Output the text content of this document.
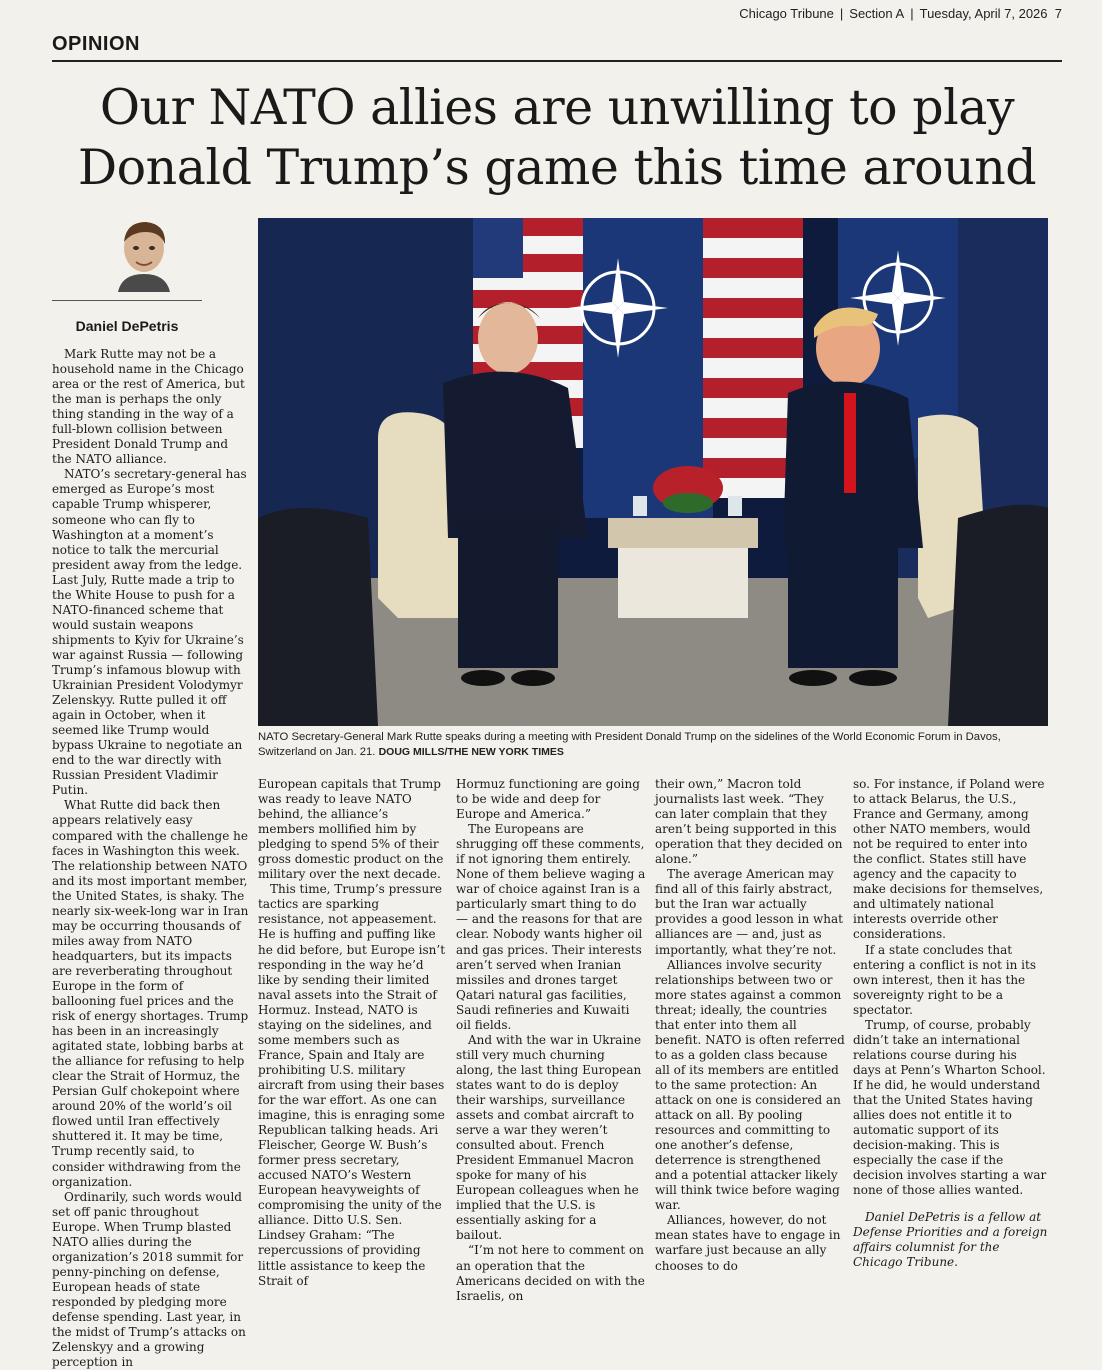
Chicago Tribune | Section A | Tuesday, April 7, 2026 7
OPINION
Our NATO allies are unwilling to play
Donald Trump’s game this time around
Daniel DePetris
NATO Secretary-General Mark Rutte speaks during a meeting with President Donald Trump on the sidelines of the World Economic Forum in Davos, Switzerland on Jan. 21. DOUG MILLS/THE NEW YORK TIMES

Mark Rutte may not be a household name in the Chicago area or the rest of America, but the man is perhaps the only thing standing in the way of a full-blown collision between President Donald Trump and the NATO alliance.

NATO’s secretary-general has emerged as Europe’s most capable Trump whisperer, someone who can fly to Washington at a moment’s notice to talk the mercurial president away from the ledge. Last July, Rutte made a trip to the White House to push for a NATO-financed scheme that would sustain weapons shipments to Kyiv for Ukraine’s war against Russia — following Trump’s infamous blowup with Ukrainian President Volodymyr Zelenskyy. Rutte pulled it off again in October, when it seemed like Trump would bypass Ukraine to negotiate an end to the war directly with Russian President Vladimir Putin.

What Rutte did back then appears relatively easy compared with the challenge he faces in Washington this week. The relationship between NATO and its most important member, the United States, is shaky. The nearly six-week-long war in Iran may be occurring thousands of miles away from NATO headquarters, but its impacts are reverberating throughout Europe in the form of ballooning fuel prices and the risk of energy shortages. Trump has been in an increasingly agitated state, lobbing barbs at the alliance for refusing to help clear the Strait of Hormuz, the Persian Gulf chokepoint where around 20% of the world’s oil flowed until Iran effectively shuttered it. It may be time, Trump recently said, to consider withdrawing from the organization.

Ordinarily, such words would set off panic throughout Europe. When Trump blasted NATO allies during the organization’s 2018 summit for penny-pinching on defense, European heads of state responded by pledging more defense spending. Last year, in the midst of Trump’s attacks on Zelenskyy and a growing perception in

European capitals that Trump was ready to leave NATO behind, the alliance’s members mollified him by pledging to spend 5% of their gross domestic product on the military over the next decade.

This time, Trump’s pressure tactics are sparking resistance, not appeasement. He is huffing and puffing like he did before, but Europe isn’t responding in the way he’d like by sending their limited naval assets into the Strait of Hormuz. Instead, NATO is staying on the sidelines, and some members such as France, Spain and Italy are prohibiting U.S. military aircraft from using their bases for the war effort. As one can imagine, this is enraging some Republican talking heads. Ari Fleischer, George W. Bush’s former press secretary, accused NATO’s Western European heavyweights of compromising the unity of the alliance. Ditto U.S. Sen. Lindsey Graham: “The repercussions of providing little assistance to keep the Strait of

Hormuz functioning are going to be wide and deep for Europe and America.”

The Europeans are shrugging off these comments, if not ignoring them entirely. None of them believe waging a war of choice against Iran is a particularly smart thing to do — and the reasons for that are clear. Nobody wants higher oil and gas prices. Their interests aren’t served when Iranian missiles and drones target Qatari natural gas facilities, Saudi refineries and Kuwaiti oil fields.

And with the war in Ukraine still very much churning along, the last thing European states want to do is deploy their warships, surveillance assets and combat aircraft to serve a war they weren’t consulted about. French President Emmanuel Macron spoke for many of his European colleagues when he implied that the U.S. is essentially asking for a bailout.

“I’m not here to comment on an operation that the Americans decided on with the Israelis, on

their own,” Macron told journalists last week. “They can later complain that they aren’t being supported in this operation that they decided on alone.”

The average American may find all of this fairly abstract, but the Iran war actually provides a good lesson in what alliances are — and, just as importantly, what they’re not.

Alliances involve security relationships between two or more states against a common threat; ideally, the countries that enter into them all benefit. NATO is often referred to as a golden class because all of its members are entitled to the same protection: An attack on one is considered an attack on all. By pooling resources and committing to one another’s defense, deterrence is strengthened and a potential attacker likely will think twice before waging war.

Alliances, however, do not mean states have to engage in warfare just because an ally chooses to do

so. For instance, if Poland were to attack Belarus, the U.S., France and Germany, among other NATO members, would not be required to enter into the conflict. States still have agency and the capacity to make decisions for themselves, and ultimately national interests override other considerations.

If a state concludes that entering a conflict is not in its own interest, then it has the sovereignty right to be a spectator.

Trump, of course, probably didn’t take an international relations course during his days at Penn’s Wharton School. If he did, he would understand that the United States having allies does not entitle it to automatic support of its decision-making. This is especially the case if the decision involves starting a war none of those allies wanted.

Daniel DePetris is a fellow at Defense Priorities and a foreign affairs columnist for the Chicago Tribune.
